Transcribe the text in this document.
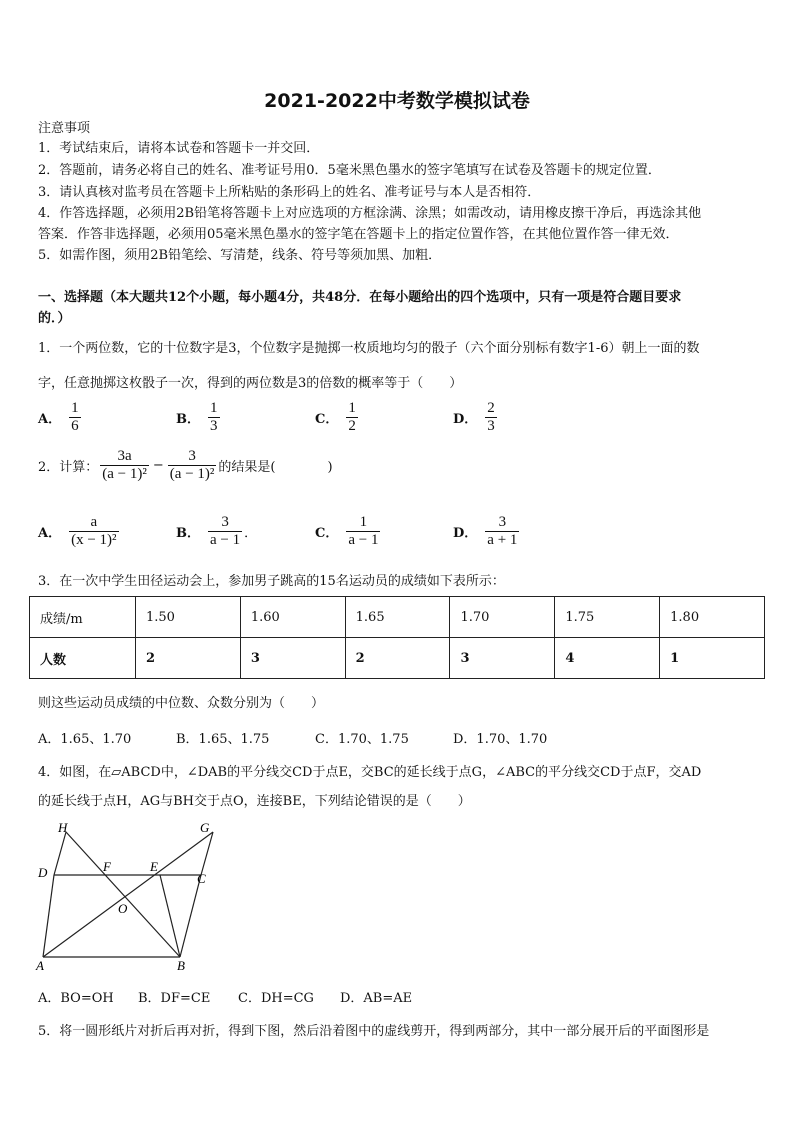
2021-2022中考数学模拟试卷
注意事项
1．考试结束后，请将本试卷和答题卡一并交回．
2．答题前，请务必将自己的姓名、准考证号用0．5毫米黑色墨水的签字笔填写在试卷及答题卡的规定位置．
3．请认真核对监考员在答题卡上所粘贴的条形码上的姓名、准考证号与本人是否相符．
4．作答选择题，必须用2B铅笔将答题卡上对应选项的方框涂满、涂黑；如需改动，请用橡皮擦干净后，再选涂其他
答案．作答非选择题，必须用05毫米黑色墨水的签字笔在答题卡上的指定位置作答，在其他位置作答一律无效．
5．如需作图，须用2B铅笔绘、写清楚，线条、符号等须加黑、加粗．
一、选择题（本大题共12个小题，每小题4分，共48分．在每小题给出的四个选项中，只有一项是符合题目要求
的．）
1．一个两位数，它的十位数字是3，个位数字是抛掷一枚质地均匀的骰子（六个面分别标有数字1-6）朝上一面的数
字，任意抛掷这枚骰子一次，得到的两位数是3的倍数的概率等于（　　）
A． $\frac{1}{6}$	B． $\frac{1}{3}$	C． $\frac{1}{2}$	D． $\frac{2}{3}$
2．计算： $\frac{3a}{\text{(a − 1)²}} - \frac{3}{\text{(a − 1)²}}$ 的结果是(　　　　)
A． $\frac{a}{\text{(x − 1)²}}$	B． $\frac{3}{a - 1}$ ．	C． $\frac{1}{a - 1}$	D． $\frac{3}{a + 1}$
3．在一次中学生田径运动会上，参加男子跳高的15名运动员的成绩如下表所示：
成绩/m	1.50	1.60	1.65	1.70	1.75	1.80
人数	2	3	2	3	4	1
则这些运动员成绩的中位数、众数分别为（　　）
A．1.65、1.70	B．1.65、1.75	C．1.70、1.75	D．1.70、1.70
4．如图，在▱ABCD中，∠DAB的平分线交CD于点E，交BC的延长线于点G，∠ABC的平分线交CD于点F，交AD
的延长线于点H，AG与BH交于点O，连接BE，下列结论错误的是（　　）
H	G
D	F	E
C
O
A	B
A．BO=OH B．DF=CE C．DH=CG D．AB=AE
5．将一圆形纸片对折后再对折，得到下图，然后沿着图中的虚线剪开，得到两部分，其中一部分展开后的平面图形是
